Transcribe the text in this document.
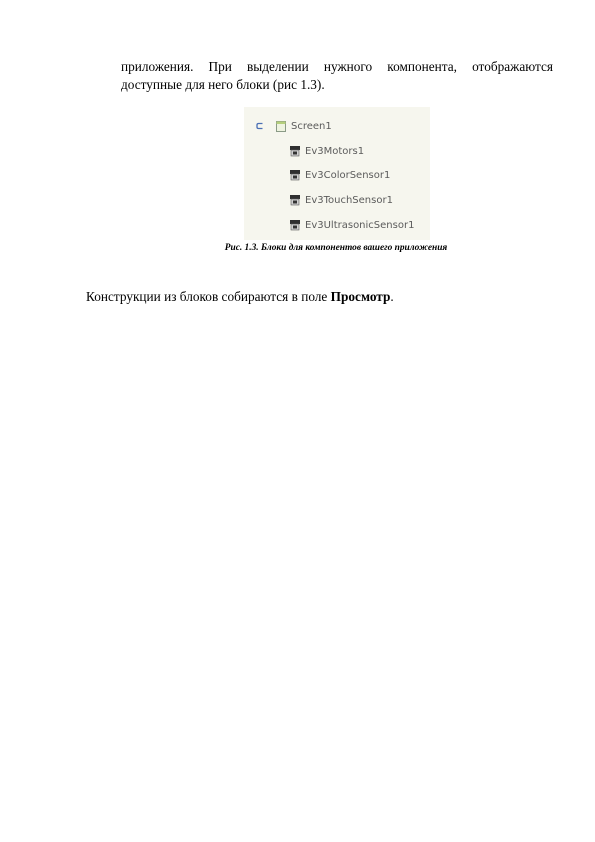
приложения. При выделении нужного компонента, отображаются
доступные для него блоки (рис 1.3).
Screen1
Ev3Motors1
Ev3ColorSensor1
Ev3TouchSensor1
Ev3UltrasonicSensor1
Рис. 1.3. Блоки для компонентов вашего приложения
Конструкции из блоков собираются в поле Просмотр.
